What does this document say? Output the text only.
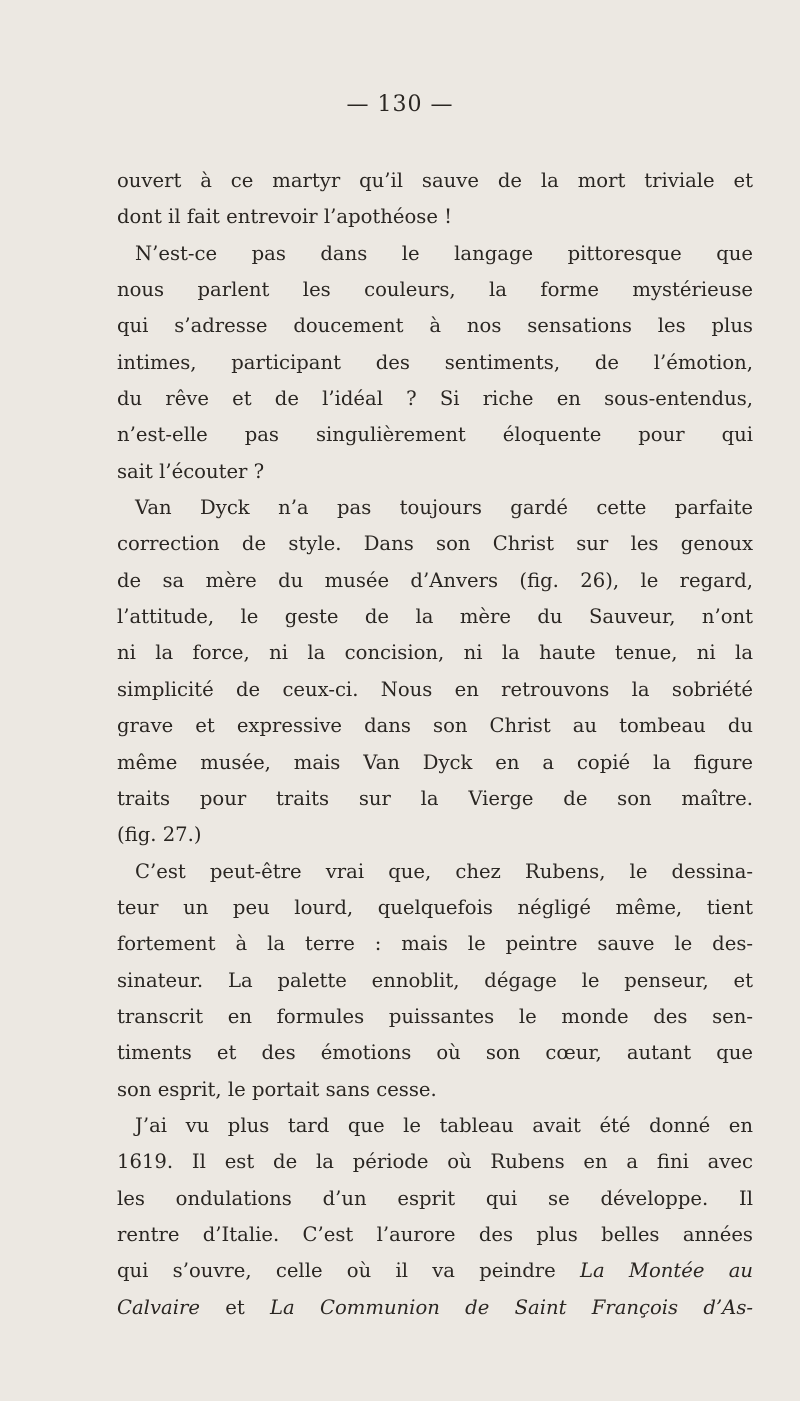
— 130 —
ouvert à ce martyr qu’il sauve de la mort triviale et
dont il fait entrevoir l’apothéose !
N’est-ce pas dans le langage pittoresque que
nous parlent les couleurs, la forme mystérieuse
qui s’adresse doucement à nos sensations les plus
intimes, participant des sentiments, de l’émotion,
du rêve et de l’idéal ? Si riche en sous-entendus,
n’est-elle pas singulièrement éloquente pour qui
sait l’écouter ?
Van Dyck n’a pas toujours gardé cette parfaite
correction de style. Dans son Christ sur les genoux
de sa mère du musée d’Anvers (fig. 26), le regard,
l’attitude, le geste de la mère du Sauveur, n’ont
ni la force, ni la concision, ni la haute tenue, ni la
simplicité de ceux-ci. Nous en retrouvons la sobriété
grave et expressive dans son Christ au tombeau du
même musée, mais Van Dyck en a copié la figure
traits pour traits sur la Vierge de son maître.
(fig. 27.)
C’est peut-être vrai que, chez Rubens, le dessina-
teur un peu lourd, quelquefois négligé même, tient
fortement à la terre : mais le peintre sauve le des-
sinateur. La palette ennoblit, dégage le penseur, et
transcrit en formules puissantes le monde des sen-
timents et des émotions où son cœur, autant que
son esprit, le portait sans cesse.
J’ai vu plus tard que le tableau avait été donné en
1619. Il est de la période où Rubens en a fini avec
les ondulations d’un esprit qui se développe. Il
rentre d’Italie. C’est l’aurore des plus belles années
qui s’ouvre, celle où il va peindre La Montée au
Calvaire et La Communion de Saint François d’As-
